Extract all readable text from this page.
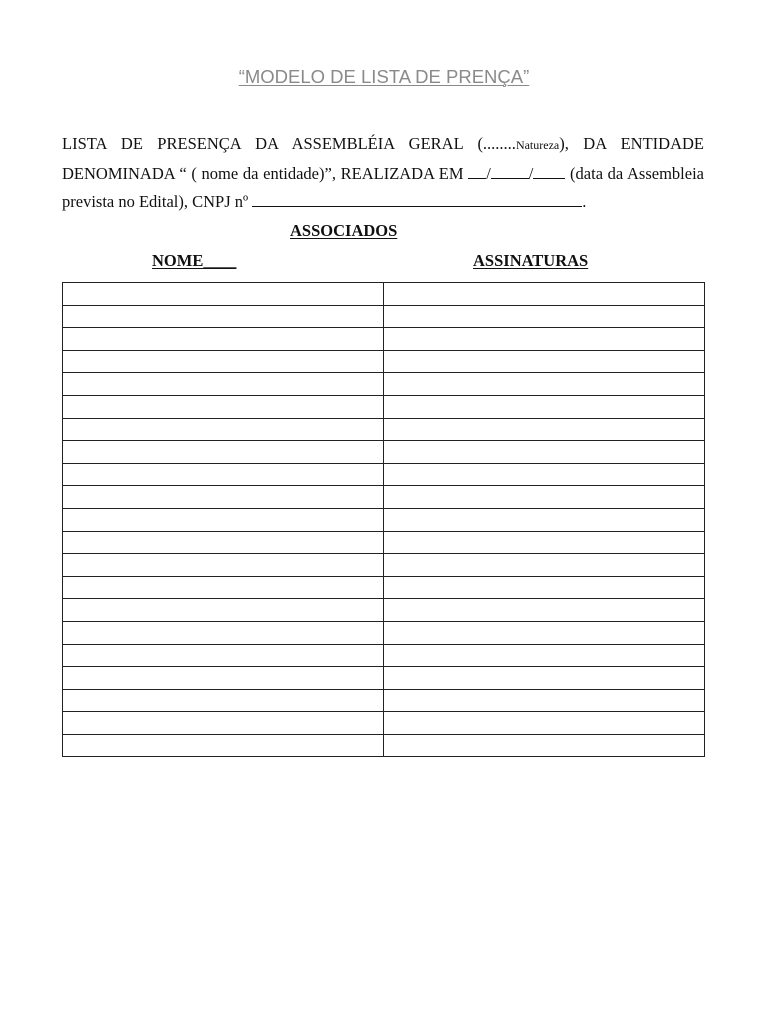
“MODELO DE LISTA DE PRENÇA”
LISTA DE PRESENÇA DA ASSEMBLÉIA GERAL (........Natureza), DA ENTIDADE DENOMINADA “ ( nome da entidade)”, REALIZADA EM / / (data da Assembleia prevista no Edital), CNPJ nº	.
ASSOCIADOS
NOME____	ASSINATURAS
